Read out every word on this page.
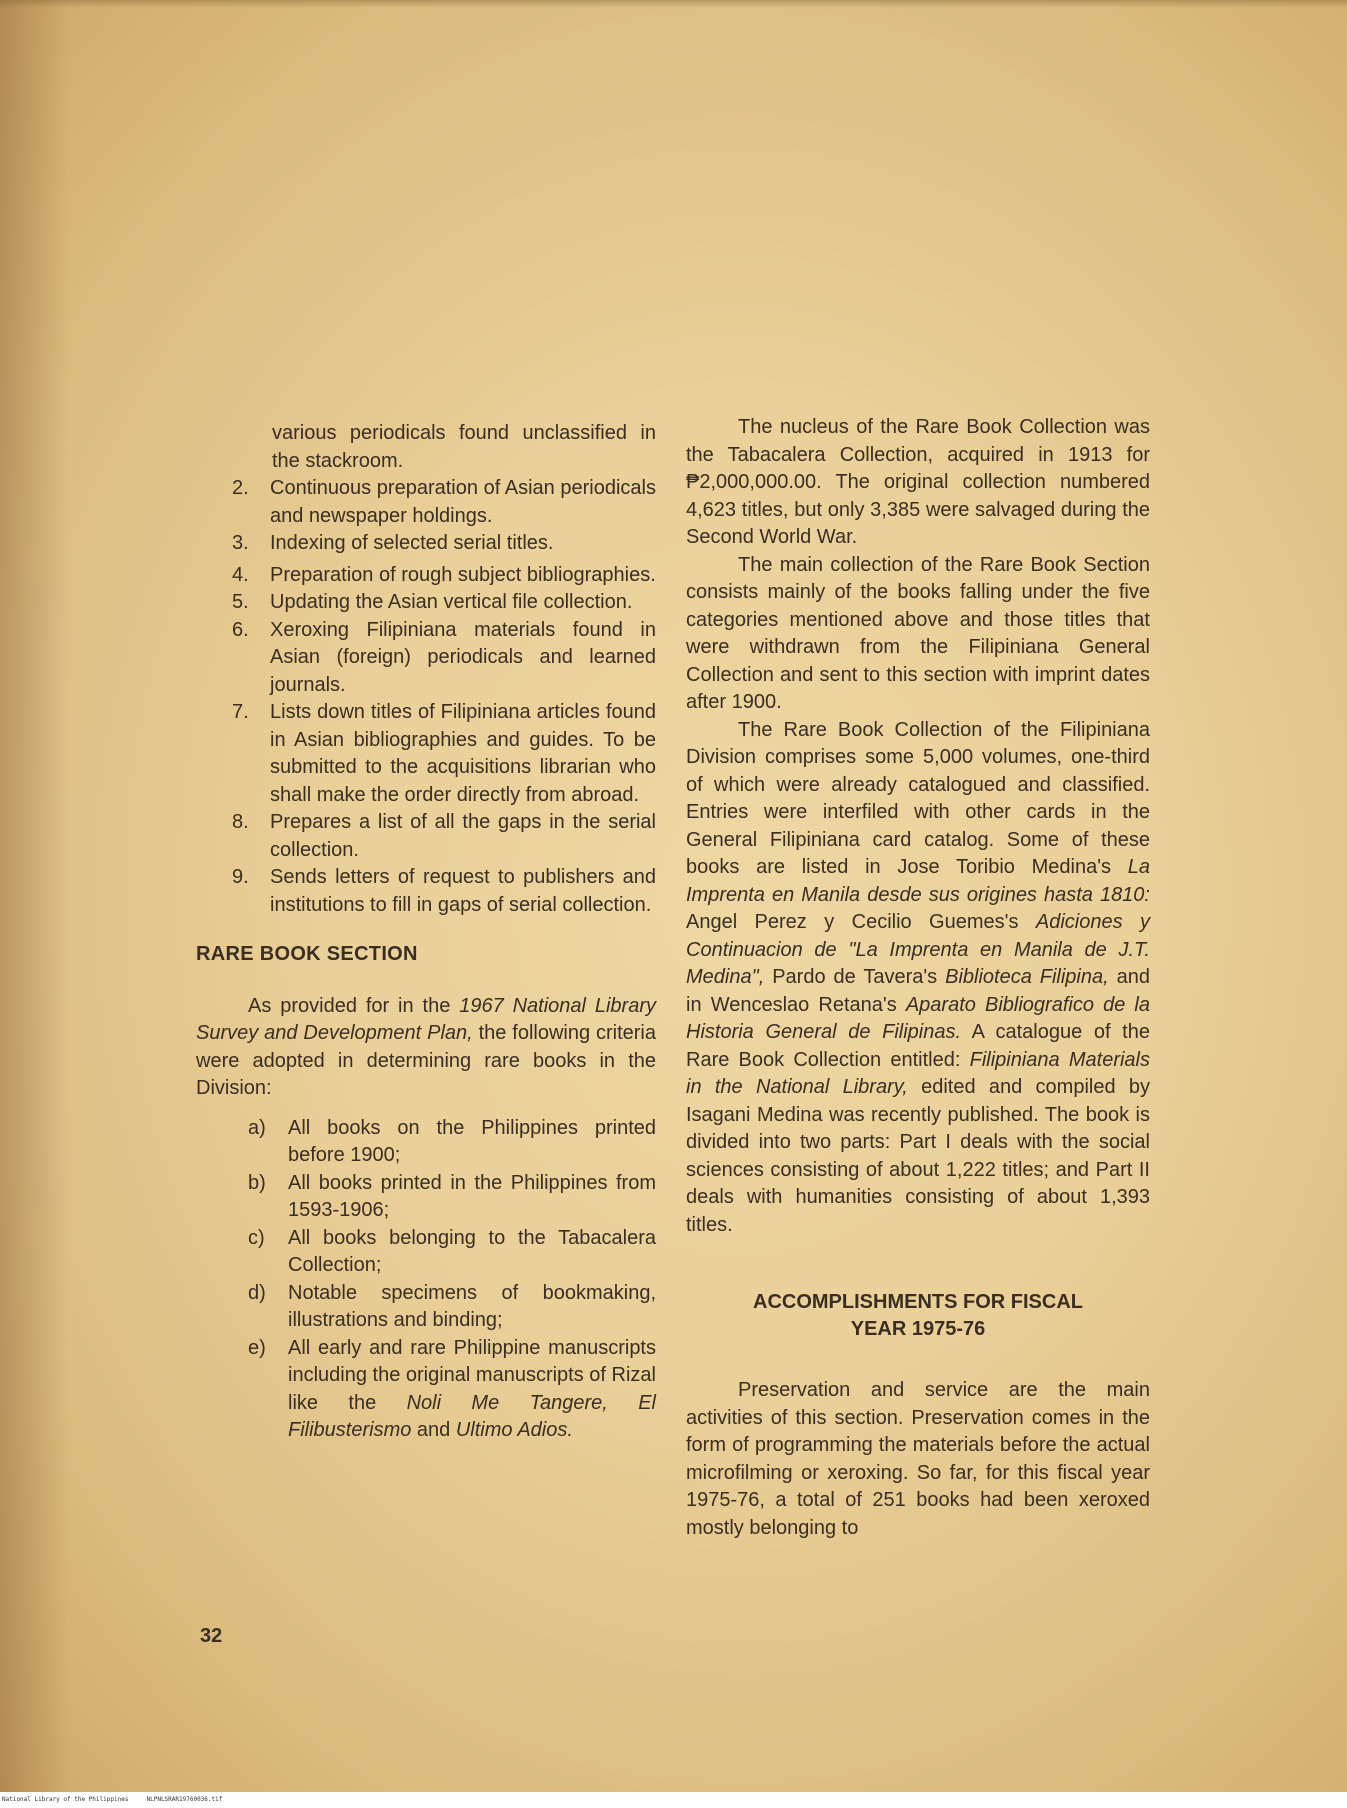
various periodicals found unclassified in the stackroom.

2.	Continuous preparation of Asian periodicals and newspaper holdings.
3.	Indexing of selected serial titles.
4.	Preparation of rough subject bibliographies.
5.	Updating the Asian vertical file collection.
6.	Xeroxing Filipiniana materials found in Asian (foreign) periodicals and learned journals.
7.	Lists down titles of Filipiniana articles found in Asian bibliographies and guides. To be submitted to the acquisitions librarian who shall make the order directly from abroad.
8.	Prepares a list of all the gaps in the serial collection.
9.	Sends letters of request to publishers and institutions to fill in gaps of serial collection.
RARE BOOK SECTION

As provided for in the 1967 National Library Survey and Development Plan, the following criteria were adopted in determining rare books in the Division:

a)	All books on the Philippines printed before 1900;
b)	All books printed in the Philippines from 1593-1906;
c)	All books belonging to the Tabacalera Collection;
d)	Notable specimens of bookmaking, illustrations and binding;
e)	All early and rare Philippine manuscripts including the original manuscripts of Rizal like the Noli Me Tangere, El Filibusterismo and Ultimo Adios.

The nucleus of the Rare Book Collection was the Tabacalera Collection, acquired in 1913 for ₱2,000,000.00. The original collection numbered 4,623 titles, but only 3,385 were salvaged during the Second World War.

The main collection of the Rare Book Section consists mainly of the books falling under the five categories mentioned above and those titles that were withdrawn from the Filipiniana General Collection and sent to this section with imprint dates after 1900.

The Rare Book Collection of the Filipiniana Division comprises some 5,000 volumes, one-third of which were already catalogued and classified. Entries were interfiled with other cards in the General Filipiniana card catalog. Some of these books are listed in Jose Toribio Medina's La Imprenta en Manila desde sus origines hasta 1810: Angel Perez y Cecilio Guemes's Adiciones y Continuacion de "La Imprenta en Manila de J.T. Medina", Pardo de Tavera's Biblioteca Filipina, and in Wenceslao Retana's Aparato Bibliografico de la Historia General de Filipinas. A catalogue of the Rare Book Collection entitled: Filipiniana Materials in the National Library, edited and compiled by Isagani Medina was recently published. The book is divided into two parts: Part I deals with the social sciences consisting of about 1,222 titles; and Part II deals with humanities consisting of about 1,393 titles.

ACCOMPLISHMENTS FOR FISCAL
YEAR 1975-76

Preservation and service are the main activities of this section. Preservation comes in the form of programming the materials before the actual microfilming or xeroxing. So far, for this fiscal year 1975-76, a total of 251 books had been xeroxed mostly belonging to

32
National Library of the Philippines     NLPNLSRAR19760036.tif
